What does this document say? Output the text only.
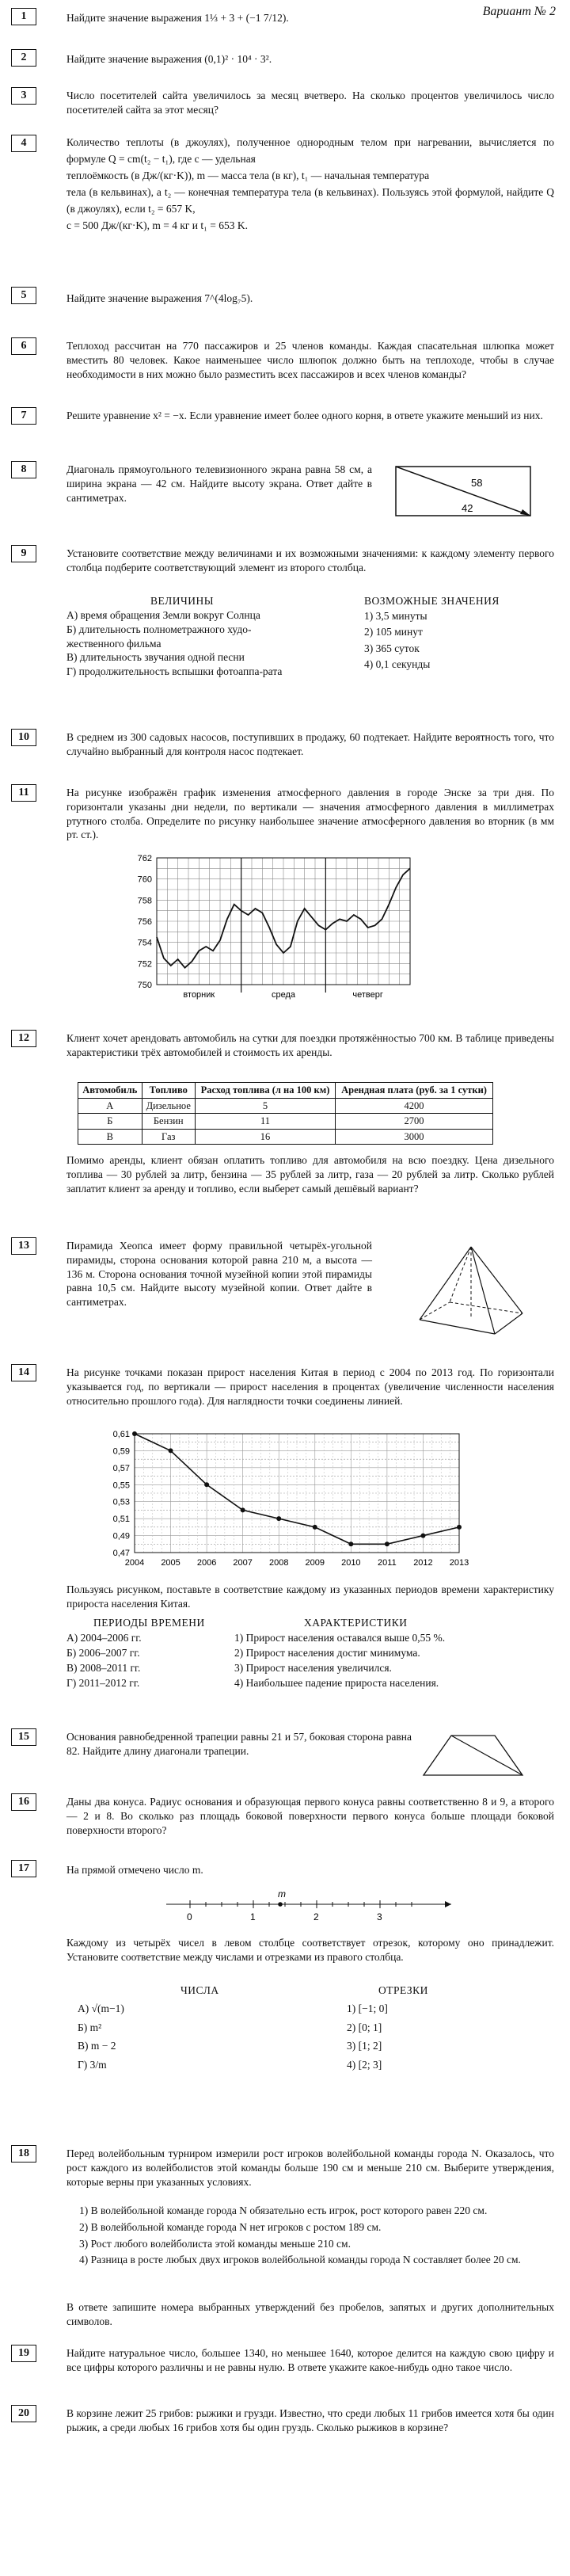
Вариант № 2
1	Найдите значение выражения 1⅓ + 3 + (−1 7/12).
2	Найдите значение выражения (0,1)² · 10⁴ · 3².
3	Число посетителей сайта увеличилось за месяц вчетверо. На сколько процентов увеличилось число посетителей сайта за этот месяц?
4	Количество теплоты (в джоулях), полученное однородным телом при нагревании, вычисляется по формуле Q = cm(t₂ − t₁), где c — удельная
теплоёмкость (в Дж/(кг·K)), m — масса тела (в кг), t₁ — начальная температура
тела (в кельвинах), а t₂ — конечная температура тела (в кельвинах). Пользуясь этой формулой, найдите Q (в джоулях), если t₂ = 657 K,
c = 500 Дж/(кг·K), m = 4 кг и t₁ = 653 K.
5	Найдите значение выражения 7^(4log₇5).
6	Теплоход рассчитан на 770 пассажиров и 25 членов команды. Каждая спасательная шлюпка может вместить 80 человек. Какое наименьшее число шлюпок должно быть на теплоходе, чтобы в случае необходимости в них можно было разместить всех пассажиров и всех членов команды?
7	Решите уравнение x² = −x. Если уравнение имеет более одного корня, в ответе укажите меньший из них.
8	Диагональ прямоугольного телевизионного экрана равна 58 см, а ширина экрана — 42 см. Найдите высоту экрана. Ответ дайте в сантиметрах.
58
42
9	Установите соответствие между величинами и их возможными значениями: к каждому элементу первого столбца подберите соответствующий элемент из второго столбца.
ВЕЛИЧИНЫ	ВОЗМОЖНЫЕ ЗНАЧЕНИЯ
А) время обращения Земли вокруг Солнца
Б) длительность полнометражного худо-жественного фильма
В) длительность звучания одной песни
Г) продолжительность вспышки фотоаппа-рата
1) 3,5 минуты
2) 105 минут
3) 365 суток
4) 0,1 секунды
10	В среднем из 300 садовых насосов, поступивших в продажу, 60 подтекает. Найдите вероятность того, что случайно выбранный для контроля насос подтекает.
11	На рисунке изображён график изменения атмосферного давления в городе Энске за три дня. По горизонтали указаны дни недели, по вертикали — значения атмосферного давления в миллиметрах ртутного столба. Определите по рисунку наибольшее значение атмосферного давления во вторник (в мм рт. ст.).
750
752
754
756
758
760
762
вторник	среда	четверг
12	Клиент хочет арендовать автомобиль на сутки для поездки протяжённостью 700 км. В таблице приведены характеристики трёх автомобилей и стоимость их аренды.
Автомобиль	Топливо	Расход топлива (л на 100 км)	Арендная плата (руб. за 1 сутки)
А	Дизельное	5	4200
Б	Бензин	11	2700
В	Газ	16	3000
Помимо аренды, клиент обязан оплатить топливо для автомобиля на всю поездку. Цена дизельного топлива — 30 рублей за литр, бензина — 35 рублей за литр, газа — 20 рублей за литр. Сколько рублей заплатит клиент за аренду и топливо, если выберет самый дешёвый вариант?
13	Пирамида Хеопса имеет форму правильной четырёх-угольной пирамиды, сторона основания которой равна 210 м, а высота — 136 м. Сторона основания точной музейной копии этой пирамиды равна 10,5 см. Найдите высоту музейной копии. Ответ дайте в сантиметрах.
14	На рисунке точками показан прирост населения Китая в период с 2004 по 2013 год. По горизонтали указывается год, по вертикали — прирост населения в процентах (увеличение численности населения относительно прошлого года). Для наглядности точки соединены линией.
0,47
0,49
0,51
0,53
0,55
0,57
0,59
0,61
2004 2005 2006 2007 2008 2009 2010 2011 2012 2013
Пользуясь рисунком, поставьте в соответствие каждому из указанных периодов времени характеристику прироста населения Китая.
ПЕРИОДЫ ВРЕМЕНИ	ХАРАКТЕРИСТИКИ
А) 2004–2006 гг.
Б) 2006–2007 гг.
В) 2008–2011 гг.
Г) 2011–2012 гг.
1) Прирост населения оставался выше 0,55 %.
2) Прирост населения достиг минимума.
3) Прирост населения увеличился.
4) Наибольшее падение прироста населения.
15	Основания равнобедренной трапеции равны 21 и 57, боковая сторона равна 82. Найдите длину диагонали трапеции.
16	Даны два конуса. Радиус основания и образующая первого конуса равны соответственно 8 и 9, а второго — 2 и 8. Во сколько раз площадь боковой поверхности первого конуса больше площади боковой поверхности второго?
17	На прямой отмечено число m.
m
0	1	2	3
Каждому из четырёх чисел в левом столбце соответствует отрезок, которому оно принадлежит. Установите соответствие между числами и отрезками из правого столбца.
ЧИСЛА	ОТРЕЗКИ
А) √(m−1)
Б) m²
В) m − 2
Г) 3/m
1) [−1; 0]
2) [0; 1]
3) [1; 2]
4) [2; 3]
18	Перед волейбольным турниром измерили рост игроков волейбольной команды города N. Оказалось, что рост каждого из волейболистов этой команды больше 190 см и меньше 210 см. Выберите утверждения, которые верны при указанных условиях.
1) В волейбольной команде города N обязательно есть игрок, рост которого равен 220 см.
2) В волейбольной команде города N нет игроков с ростом 189 см.
3) Рост любого волейболиста этой команды меньше 210 см.
4) Разница в росте любых двух игроков волейбольной команды города N составляет более 20 см.
В ответе запишите номера выбранных утверждений без пробелов, запятых и других дополнительных символов.
19	Найдите натуральное число, большее 1340, но меньшее 1640, которое делится на каждую свою цифру и все цифры которого различны и не равны нулю. В ответе укажите какое-нибудь одно такое число.
20	В корзине лежит 25 грибов: рыжики и грузди. Известно, что среди любых 11 грибов имеется хотя бы один рыжик, а среди любых 16 грибов хотя бы один груздь. Сколько рыжиков в корзине?
